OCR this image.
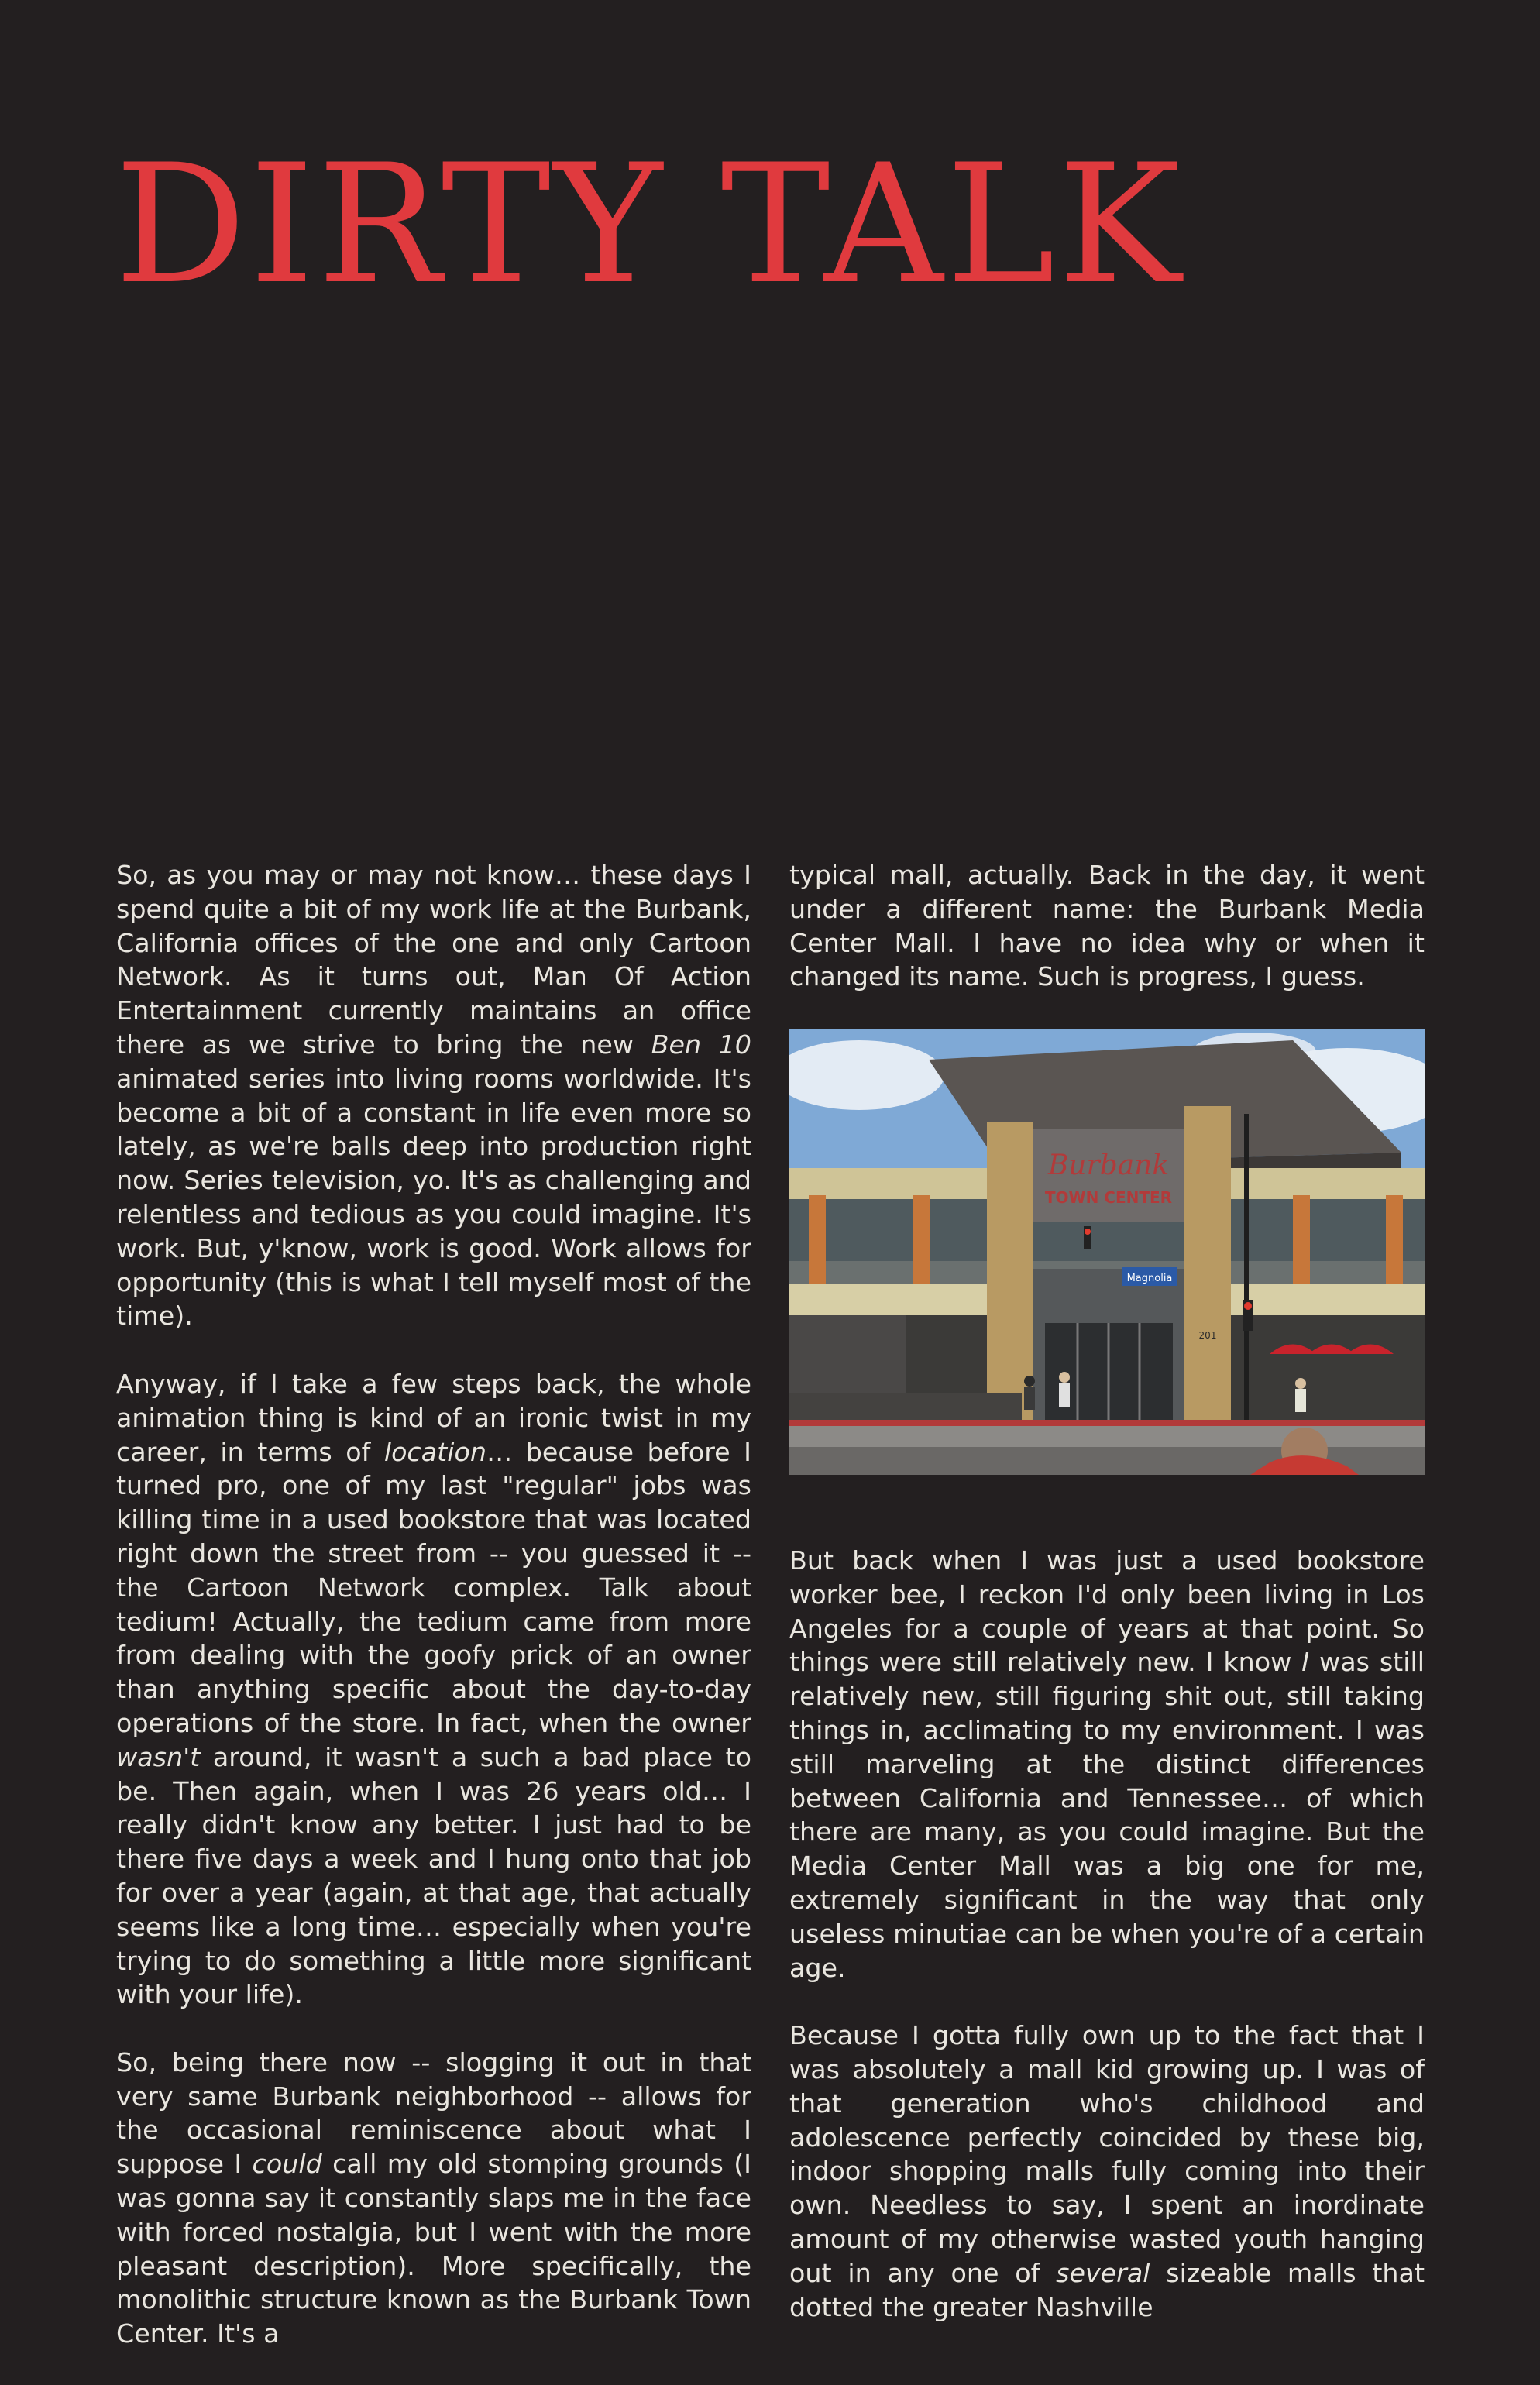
DIRTY TALK

So, as you may or may not know… these days I spend quite a bit of my work life at the Burbank, California offices of the one and only Cartoon Network. As it turns out, Man Of Action Entertainment currently maintains an office there as we strive to bring the new Ben 10 animated series into living rooms worldwide. It's become a bit of a constant in life even more so lately, as we're balls deep into production right now. Series television, yo. It's as challenging and relentless and tedious as you could imagine. It's work. But, y'know, work is good. Work allows for opportunity (this is what I tell myself most of the time).

Anyway, if I take a few steps back, the whole animation thing is kind of an ironic twist in my career, in terms of location… because before I turned pro, one of my last "regular" jobs was killing time in a used bookstore that was located right down the street from -- you guessed it -- the Cartoon Network complex. Talk about tedium! Actually, the tedium came from more from dealing with the goofy prick of an owner than anything specific about the day-to-day operations of the store. In fact, when the owner wasn't around, it wasn't a such a bad place to be. Then again, when I was 26 years old… I really didn't know any better. I just had to be there five days a week and I hung onto that job for over a year (again, at that age, that actually seems like a long time… especially when you're trying to do something a little more significant with your life).

So, being there now -- slogging it out in that very same Burbank neighborhood -- allows for the occasional reminiscence about what I suppose I could call my old stomping grounds (I was gonna say it constantly slaps me in the face with forced nostalgia, but I went with the more pleasant description). More specifically, the monolithic structure known as the Burbank Town Center. It's a

typical mall, actually. Back in the day, it went under a different name: the Burbank Media Center Mall. I have no idea why or when it changed its name. Such is progress, I guess.

Burbank
TOWN CENTER
Magnolia
201

But back when I was just a used bookstore worker bee, I reckon I'd only been living in Los Angeles for a couple of years at that point. So things were still relatively new. I know I was still relatively new, still figuring shit out, still taking things in, acclimating to my environment. I was still marveling at the distinct differences between California and Tennessee… of which there are many, as you could imagine. But the Media Center Mall was a big one for me, extremely significant in the way that only useless minutiae can be when you're of a certain age.

Because I gotta fully own up to the fact that I was absolutely a mall kid growing up. I was of that generation who's childhood and adolescence perfectly coincided by these big, indoor shopping malls fully coming into their own. Needless to say, I spent an inordinate amount of my otherwise wasted youth hanging out in any one of several sizeable malls that dotted the greater Nashville
